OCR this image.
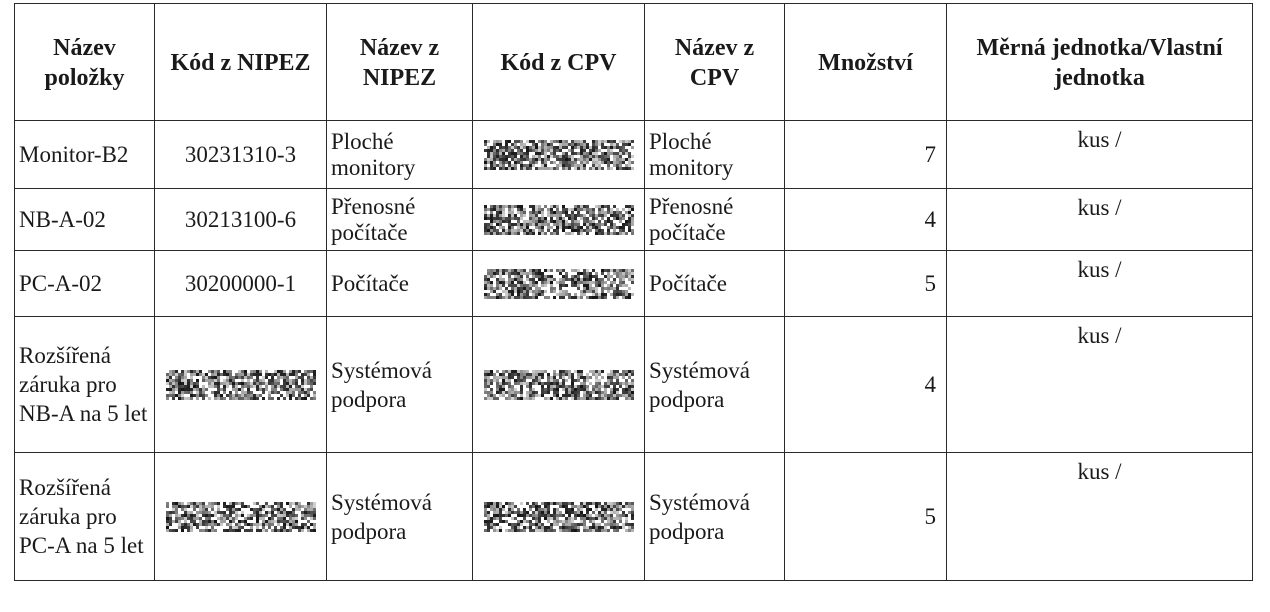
Název položky	Kód z NIPEZ	Název z NIPEZ	Kód z CPV	Název z CPV	Množství	Měrná jednotka/Vlastní jednotka
Monitor-B2	30231310-3	Ploché monitory		Ploché monitory	7	kus /
NB-A-02	30213100-6	Přenosné počítače		Přenosné počítače	4	kus /
PC-A-02	30200000-1	Počítače		Počítače	5	kus /
Rozšířená záruka pro NB-A na 5 let		Systémová podpora		Systémová podpora	4	kus /
Rozšířená záruka pro PC-A na 5 let		Systémová podpora		Systémová podpora	5	kus /
